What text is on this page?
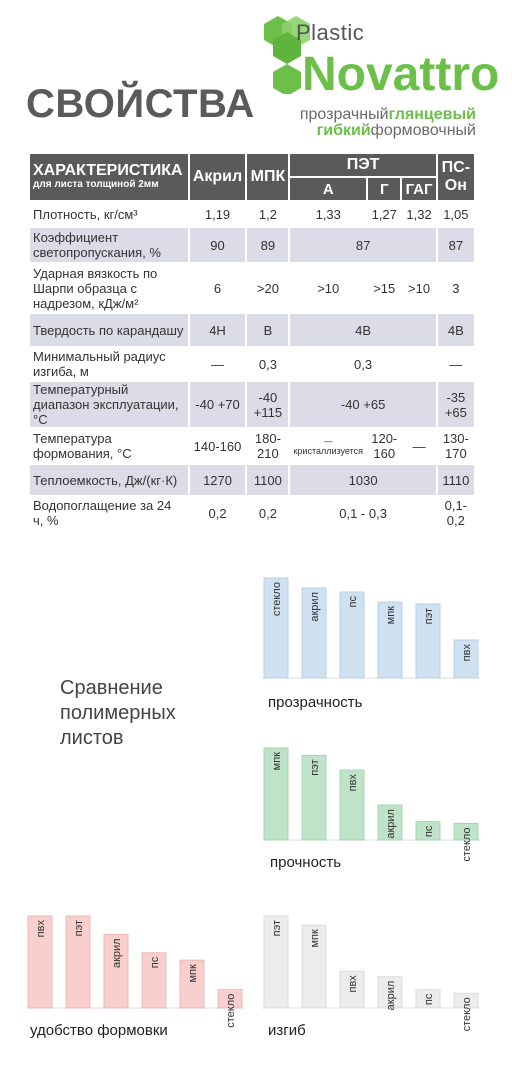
Plastic
Novattro
прозрачныйглянцевый
гибкийформовочный
СВОЙСТВА
ХАРАКТЕРИСТИКА
для листа толщиной 2мм	Акрил	МПК	ПЭТ			ПС-Он
			А	Г	ГАГ	
Плотность, кг/см³	1,19	1,2	1,33	1,27	1,32	1,05
Коэффициент светопропускания, %	90	89	87			87
Ударная вязкость по Шарпи образца с надрезом, кДж/м²	6	>20	>10	>15	>10	3
Твердость по карандашу	4Н	В	4В			4В
Минимальный радиус изгиба, м	—	0,3	0,3			—
Температурный диапазон эксплуатации, °С	-40 +70	-40 +115	-40 +65			-35 +65
Температура формования, °С	140-160	180-210	— кристаллизуется	120-160	—	130-170
Теплоемкость, Дж/(кг·К)	1270	1100	1030			1110
Водопоглащение за 24 ч, %	0,2	0,2	0,1 - 0,3			0,1-0,2
Сравнение полимерных листов
стекло акрил пс
мпк пэт
пвх
прозрачность
мпк пэт
пвх
акрил пс стекло
прочность
пвх пэт
акрил пс
мпк
стекло
удобство формовки
пэт
мпк
пвх акрил пс стекло
изгиб
